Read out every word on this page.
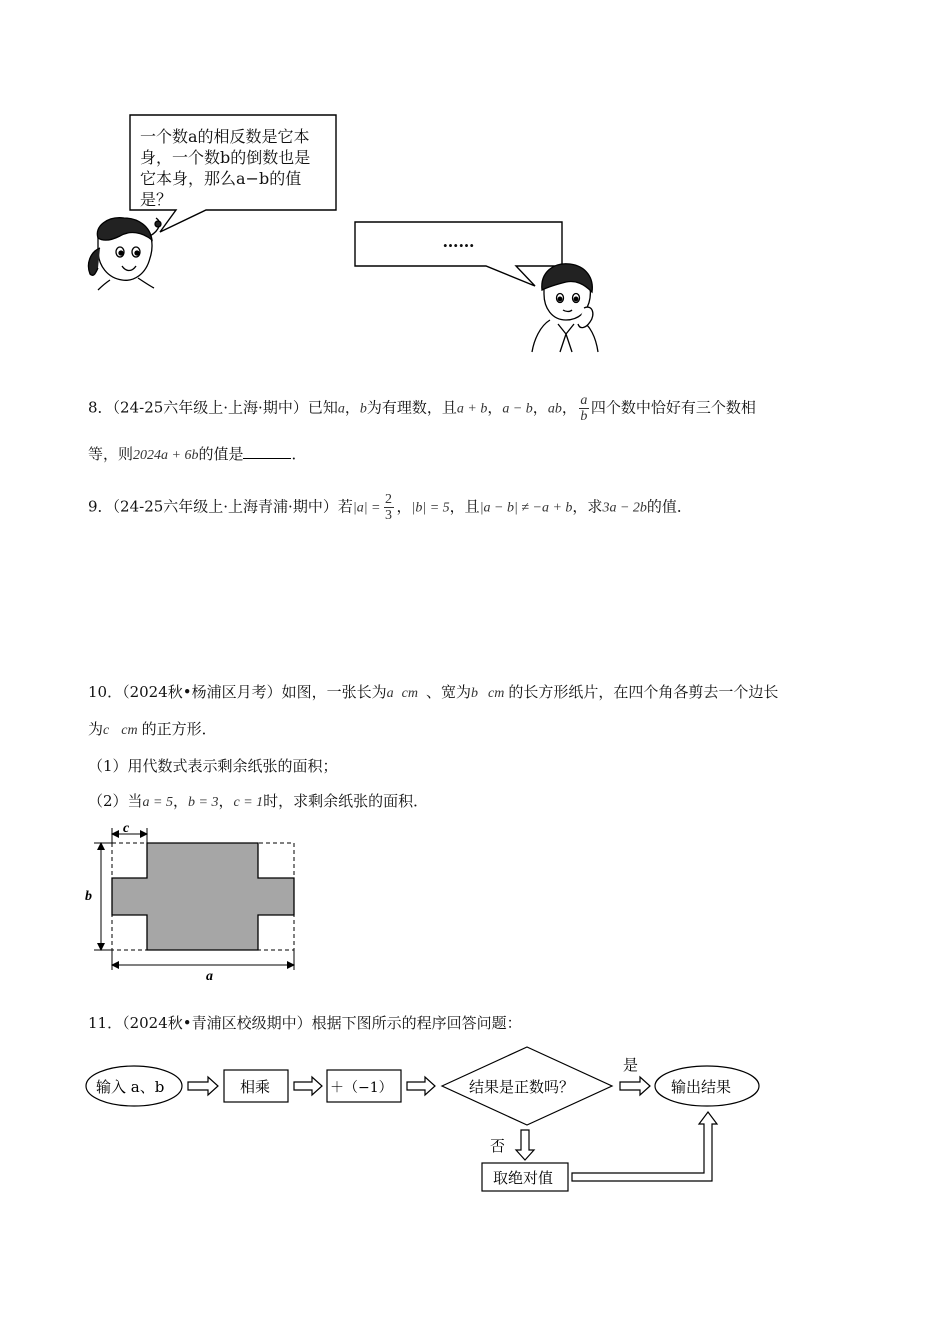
一个数a的相反数是它本
身，一个数b的倒数也是
它本身，那么a−b的值
是？
……
8．（24-25六年级上·上海·期中）已知a，b为有理数，且a + b，a − b，ab， $\frac{a}{b}$ 四个数中恰好有三个数相
等，则2024a + 6b的值是	．
9．（24-25六年级上·上海青浦·期中）若$|a| = \frac{2}{3}$ ，|b| = 5，且|a − b| ≠ −a + b，求3a − 2b的值．
10．（2024秋•杨浦区月考）如图，一张长为a cm 、宽为b cm 的长方形纸片，在四个角各剪去一个边长
为c cm 的正方形．
（1）用代数式表示剩余纸张的面积；
（2）当a = 5，b = 3，c = 1时，求剩余纸张的面积．
c
b
a
11．（2024秋•青浦区校级期中）根据下图所示的程序回答问题：
输入 a、b	相乘	＋（−1）	结果是正数吗？
是
输出结果
否
取绝对值
